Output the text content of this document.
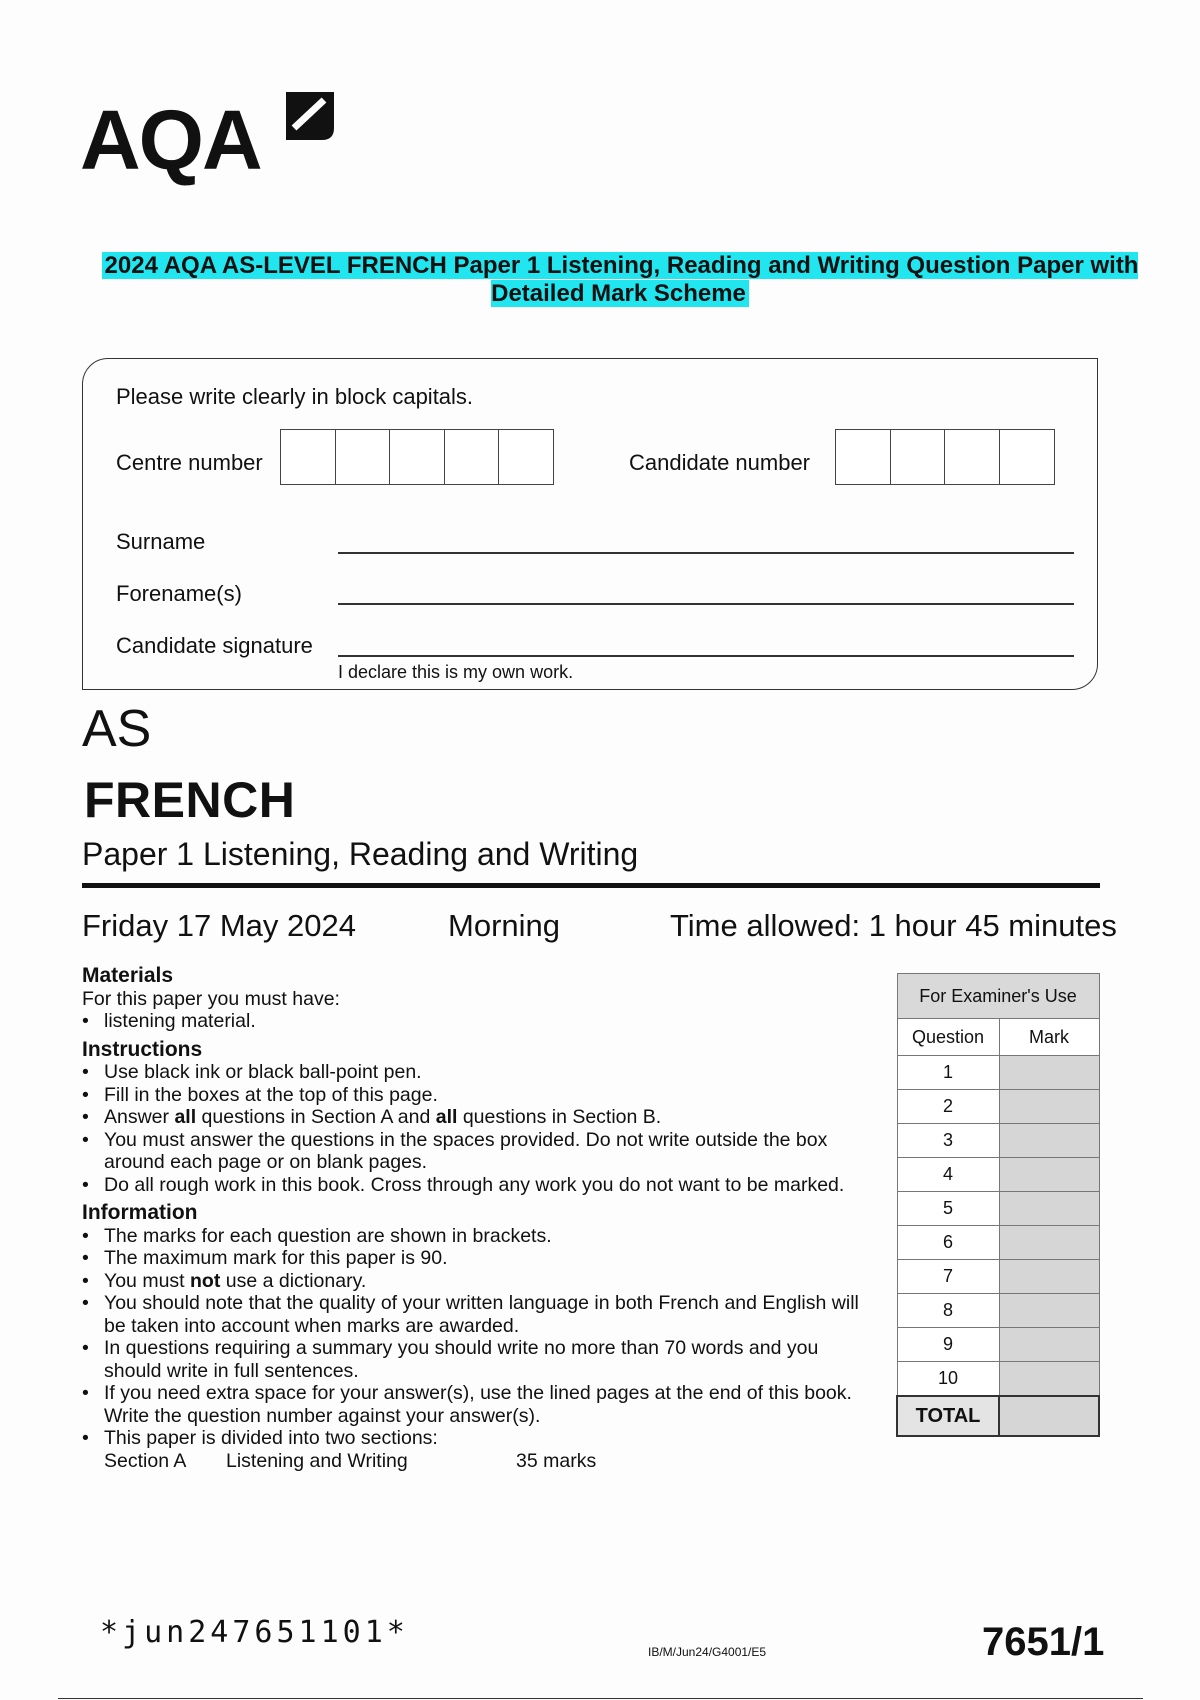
AQA
2024 AQA AS-LEVEL FRENCH Paper 1 Listening, Reading and Writing Question Paper with Detailed Mark Scheme
Please write clearly in block capitals.
Centre number	Candidate number
Surname
Forename(s)
Candidate signature
I declare this is my own work.
AS
FRENCH
Paper 1 Listening, Reading and Writing
Friday 17 May 2024	Morning	Time allowed: 1 hour 45 minutes
Materials
For this paper you must have:
• listening material.
Instructions
• Use black ink or black ball-point pen.
• Fill in the boxes at the top of this page.
• Answer all questions in Section A and all questions in Section B.
• You must answer the questions in the spaces provided. Do not write outside the box around each page or on blank pages.
• Do all rough work in this book. Cross through any work you do not want to be marked.
Information
• The marks for each question are shown in brackets.
• The maximum mark for this paper is 90.
• You must not use a dictionary.
• You should note that the quality of your written language in both French and English will be taken into account when marks are awarded.
• In questions requiring a summary you should write no more than 70 words and you should write in full sentences.
• If you need extra space for your answer(s), use the lined pages at the end of this book. Write the question number against your answer(s).
• This paper is divided into two sections:
Section A	Listening and Writing	35 marks
For Examiner's Use	
Question	Mark
1	
2	
3	
4	
5	
6	
7	
8	
9	
10	
TOTAL	
*jun247651101*
IB/M/Jun24/G4001/E5	7651/1
